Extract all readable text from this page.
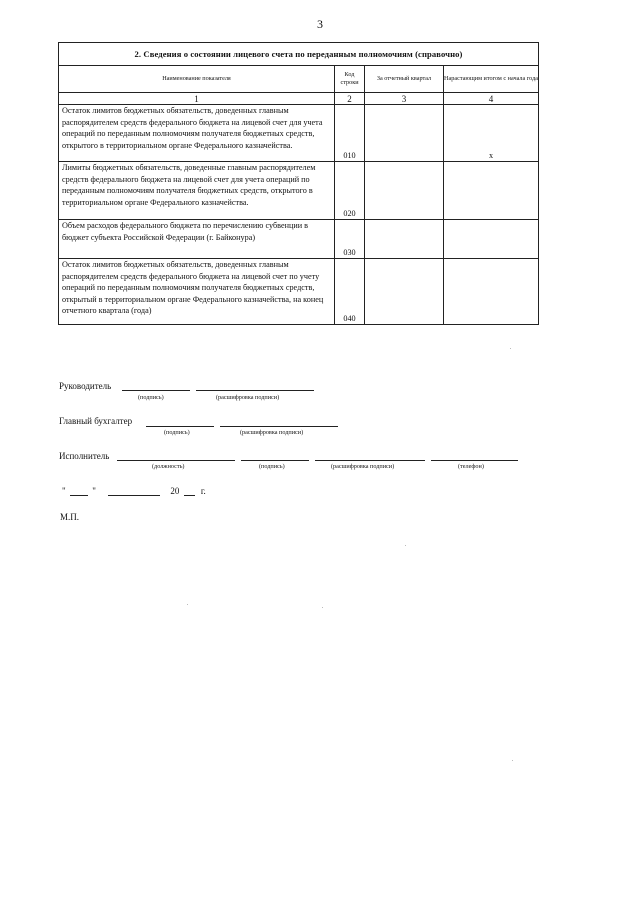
3
2. Сведения о состоянии лицевого счета по переданным полномочиям (справочно)			
Наименование показателя	Код строки	За отчетный квартал	Нарастающим итогом с начала года
1	2	3	4
Остаток лимитов бюджетных обязательств, доведенных главным распорядителем средств федерального бюджета на лицевой счет для учета операций по переданным полномочиям получателя бюджетных средств, открытого в территориальном органе Федерального казначейства.	010		x
Лимиты бюджетных обязательств, доведенные главным распорядителем средств федерального бюджета на лицевой счет для учета операций по переданным полномочиям получателя бюджетных средств, открытого в территориальном органе Федерального казначейства.	020		
Объем расходов федерального бюджета по перечислению субвенции в бюджет субъекта Российской Федерации (г. Байконура)	030		
Остаток лимитов бюджетных обязательств, доведенных главным распорядителем средств федерального бюджета на лицевой счет по учету операций по переданным полномочиям получателя бюджетных средств, открытый в территориальном органе Федерального казначейства, на конец отчетного квартала (года)	040		
Руководитель
(подпись)	(расшифровка подписи)
Главный бухгалтер
(подпись)	(расшифровка подписи)
Исполнитель
(должность)	(подпись)	(расшифровка подписи)	(телефон)
"	"	20 г.
М.П.
